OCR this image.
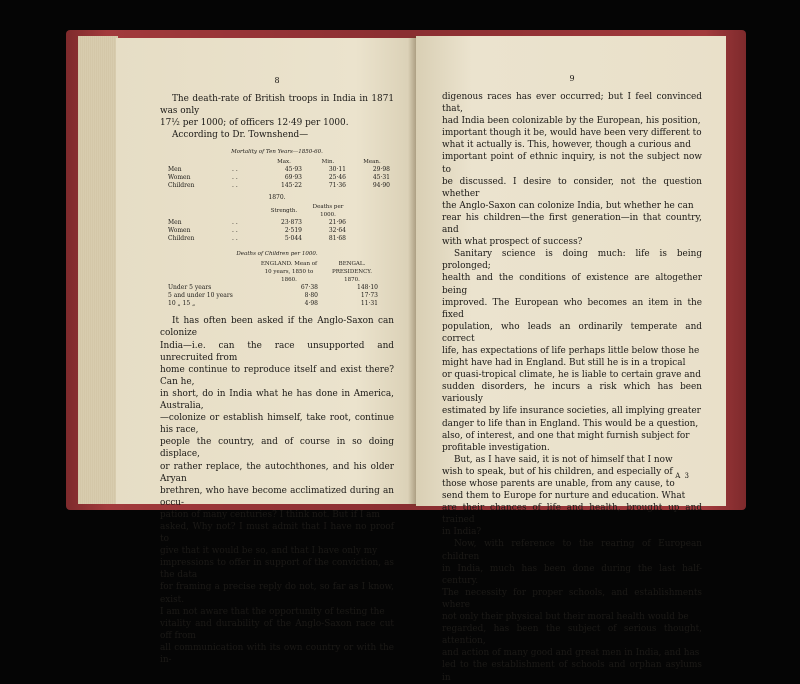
8

The death-rate of British troops in India in 1871 was only

17½ per 1000; of officers 12·49 per 1000.

According to Dr. Townshend—

Mortality of Ten Years—1850-60.
		Max.	Min.	Mean.
Men	. .	45·93	30·11	29·98
Women	. .	69·93	25·46	45·31
Children	. .	145·22	71·36	94·90
1870.
		Strength.	Deaths per 1000.
Men	. .	23·873	21·96
Women	. .	2·519	32·64
Children	. .	5·044	81·68
Deaths of Children per 1000.
	ENGLAND. Mean of 10 years, 1850 to 1860.	BENGAL. PRESIDENCY. 1870.
Under 5 years	67·38	148·10
5 and under 10 years	8·80	17·73
10 „ 15 „	4·98	11·31
It has often been asked if the Anglo-Saxon can colonize
India—i.e. can the race unsupported and unrecruited from
home continue to reproduce itself and exist there? Can he,
in short, do in India what he has done in America, Australia,
—colonize or establish himself, take root, continue his race,
people the country, and of course in so doing displace,
or rather replace, the autochthones, and his older Aryan
brethren, who have become acclimatized during an occu-
pation of many centuries? I think not. But if I am
asked, Why not? I must admit that I have no proof to
give that it would be so, and that I have only my
impressions to offer in support of the conviction, as the data
for framing a precise reply do not, so far as I know, exist.
I am not aware that the opportunity of testing the
vitality and durability of the Anglo-Saxon race cut off from
all communication with its own country or with the in-
9
digenous races has ever occurred; but I feel convinced that,
had India been colonizable by the European, his position,
important though it be, would have been very different to
what it actually is. This, however, though a curious and
important point of ethnic inquiry, is not the subject now to
be discussed. I desire to consider, not the question whether
the Anglo-Saxon can colonize India, but whether he can
rear his children—the first generation—in that country, and
with what prospect of success?
Sanitary science is doing much: life is being prolonged;
health and the conditions of existence are altogether being
improved. The European who becomes an item in the fixed
population, who leads an ordinarily temperate and correct
life, has expectations of life perhaps little below those he
might have had in England. But still he is in a tropical
or quasi-tropical climate, he is liable to certain grave and
sudden disorders, he incurs a risk which has been variously
estimated by life insurance societies, all implying greater
danger to life than in England. This would be a question,
also, of interest, and one that might furnish subject for
profitable investigation.
But, as I have said, it is not of himself that I now
wish to speak, but of his children, and especially of
those whose parents are unable, from any cause, to
send them to Europe for nurture and education. What
are their chances of life and health, brought up and trained
in India?
Now, with reference to the rearing of European children
in India, much has been done during the last half-century.
The necessity for proper schools, and establishments where
not only their physical but their moral health would be
regarded, has been the subject of serious thought, attention,
and action of many good and great men in India, and has
led to the establishment of schools and orphan asylums in
A 3
